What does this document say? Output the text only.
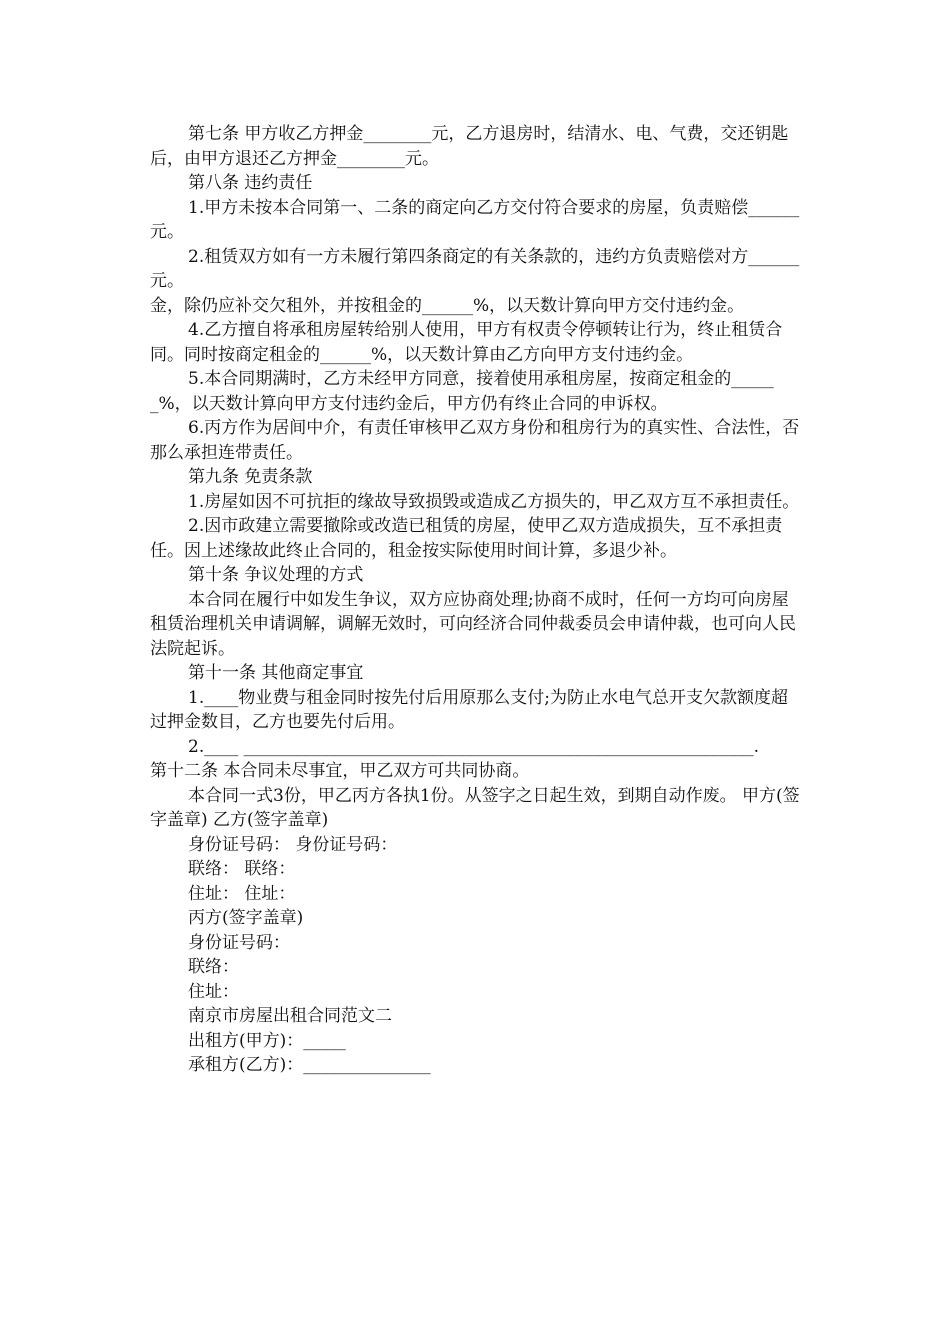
第七条 甲方收乙方押金________元，乙方退房时，结清水、电、气费，交还钥匙后，由甲方退还乙方押金________元。

第八条 违约责任

1.甲方未按本合同第一、二条的商定向乙方交付符合要求的房屋，负责赔偿______元。

2.租赁双方如有一方未履行第四条商定的有关条款的，违约方负责赔偿对方______元。

金，除仍应补交欠租外，并按租金的______%，以天数计算向甲方交付违约金。

4.乙方擅自将承租房屋转给别人使用，甲方有权责令停顿转让行为，终止租赁合同。同时按商定租金的______%，以天数计算由乙方向甲方支付违约金。

5.本合同期满时，乙方未经甲方同意，接着使用承租房屋，按商定租金的______%，以天数计算向甲方支付违约金后，甲方仍有终止合同的申诉权。

6.丙方作为居间中介，有责任审核甲乙双方身份和租房行为的真实性、合法性，否那么承担连带责任。

第九条 免责条款

1.房屋如因不可抗拒的缘故导致损毁或造成乙方损失的，甲乙双方互不承担责任。

2.因市政建立需要撤除或改造已租赁的房屋，使甲乙双方造成损失，互不承担责任。因上述缘故此终止合同的，租金按实际使用时间计算，多退少补。

第十条 争议处理的方式

本合同在履行中如发生争议，双方应协商处理;协商不成时，任何一方均可向房屋租赁治理机关申请调解，调解无效时，可向经济合同仲裁委员会申请仲裁，也可向人民法院起诉。

第十一条 其他商定事宜

1.____物业费与租金同时按先付后用原那么支付;为防止水电气总开支欠款额度超过押金数目，乙方也要先付后用。

2.____ ____________________________________________________________.

第十二条 本合同未尽事宜，甲乙双方可共同协商。

本合同一式3份，甲乙丙方各执1份。从签字之日起生效，到期自动作废。 甲方(签字盖章) 乙方(签字盖章)

身份证号码： 身份证号码：

联络： 联络：

住址： 住址：

丙方(签字盖章)

身份证号码：

联络：

住址：

南京市房屋出租合同范文二

出租方(甲方)：_____

承租方(乙方)：_______________
